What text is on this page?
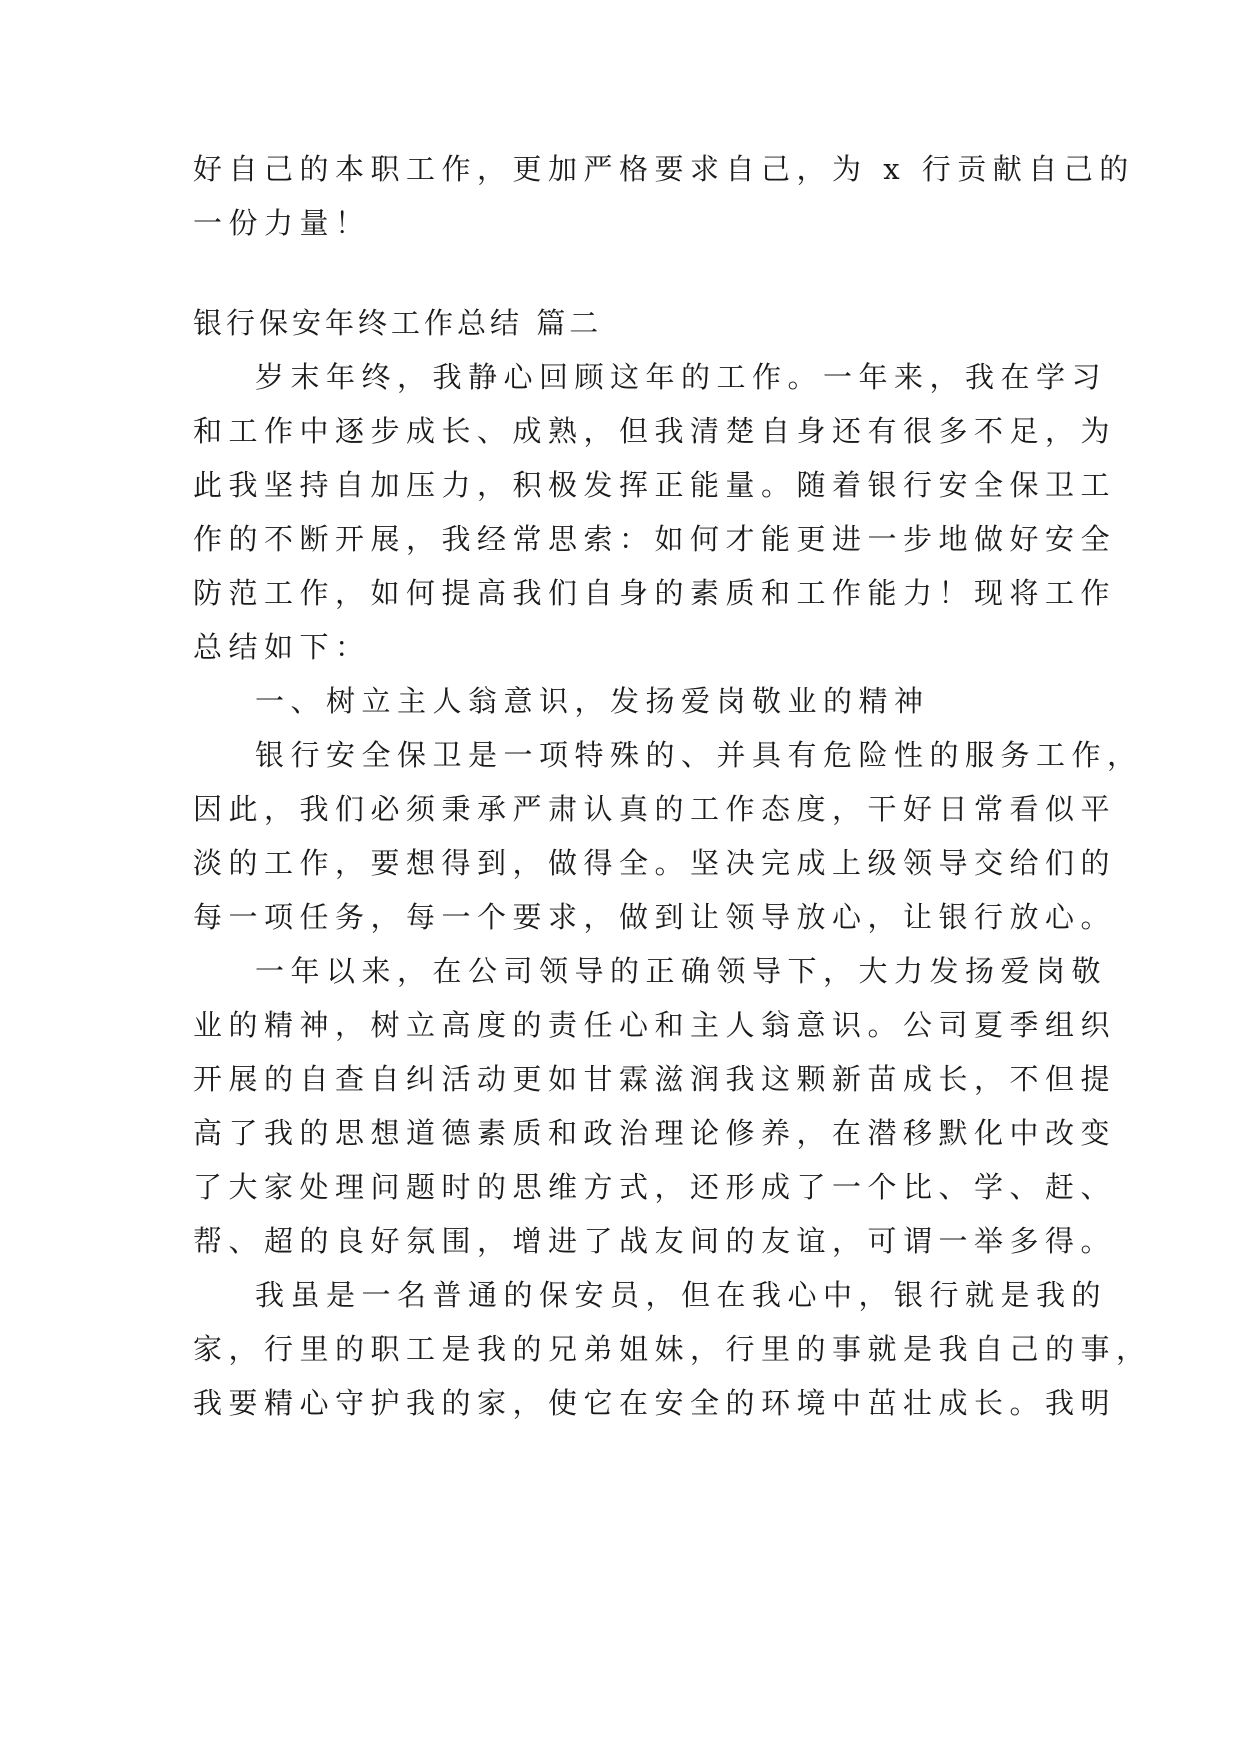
好自己的本职工作，更加严格要求自己，为 x 行贡献自己的
一份力量！
银行保安年终工作总结 篇二
岁末年终，我静心回顾这年的工作。一年来，我在学习
和工作中逐步成长、成熟，但我清楚自身还有很多不足，为
此我坚持自加压力，积极发挥正能量。随着银行安全保卫工
作的不断开展，我经常思索：如何才能更进一步地做好安全
防范工作，如何提高我们自身的素质和工作能力！现将工作
总结如下：
一、树立主人翁意识，发扬爱岗敬业的精神
银行安全保卫是一项特殊的、并具有危险性的服务工作，
因此，我们必须秉承严肃认真的工作态度，干好日常看似平
淡的工作，要想得到，做得全。坚决完成上级领导交给们的
每一项任务，每一个要求，做到让领导放心，让银行放心。
一年以来，在公司领导的正确领导下，大力发扬爱岗敬
业的精神，树立高度的责任心和主人翁意识。公司夏季组织
开展的自查自纠活动更如甘霖滋润我这颗新苗成长，不但提
高了我的思想道德素质和政治理论修养，在潜移默化中改变
了大家处理问题时的思维方式，还形成了一个比、学、赶、
帮、超的良好氛围，增进了战友间的友谊，可谓一举多得。
我虽是一名普通的保安员，但在我心中，银行就是我的
家，行里的职工是我的兄弟姐妹，行里的事就是我自己的事，
我要精心守护我的家，使它在安全的环境中茁壮成长。我明
